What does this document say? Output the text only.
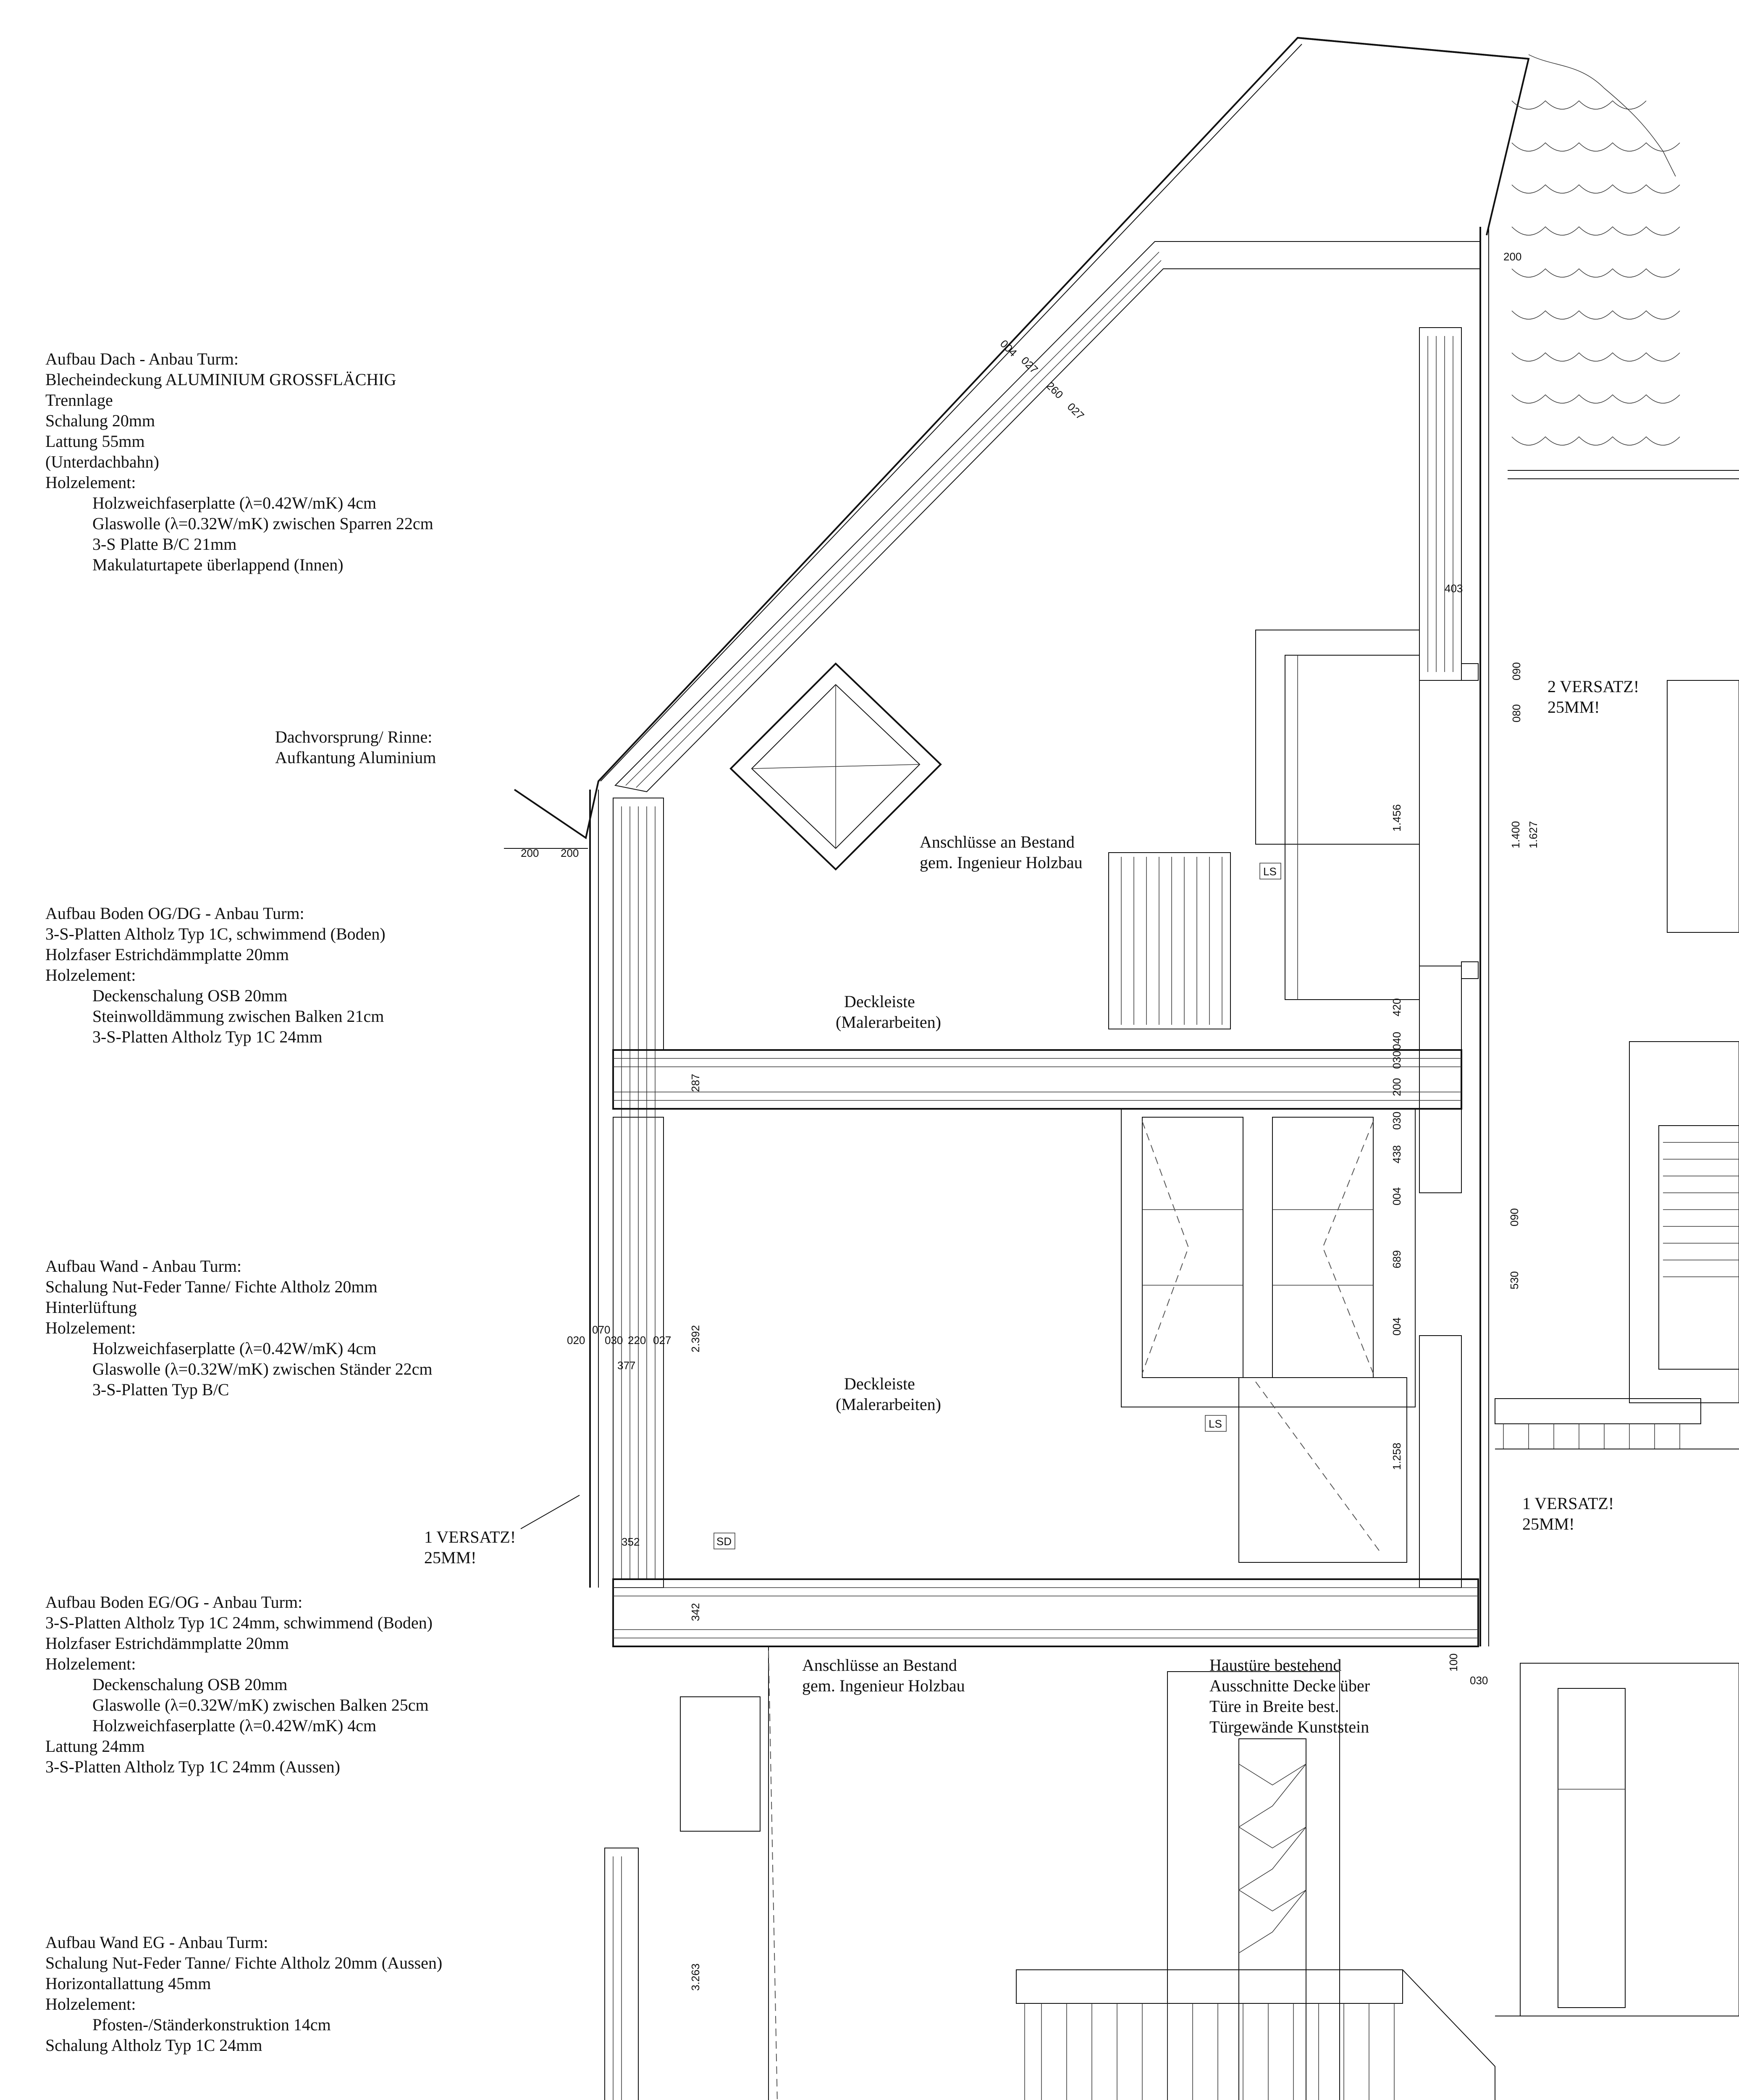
200
200 200
403
1.456
1.400 1.627
080
090
420
040
030
200
030
438
004
689
004
1.258
090
530
287
2.392
377
352
342
3.263
020
070
030 220 027
004
027
260
027
100
030
LS
LS
SD
Aufbau Dach - Anbau Turm:
Blecheindeckung ALUMINIUM GROSSFLÄCHIG
Trennlage
Schalung 20mm
Lattung 55mm
(Unterdachbahn)
Holzelement:
Holzweichfaserplatte (λ=0.42W/mK) 4cm
Glaswolle (λ=0.32W/mK) zwischen Sparren 22cm
3-S Platte B/C 21mm
Makulaturtapete überlappend (Innen)
Dachvorsprung/ Rinne:
Aufkantung Aluminium
Aufbau Boden OG/DG - Anbau Turm:
3-S-Platten Altholz Typ 1C, schwimmend (Boden)
Holzfaser Estrichdämmplatte 20mm
Holzelement:
Deckenschalung OSB 20mm
Steinwolldämmung zwischen Balken 21cm
3-S-Platten Altholz Typ 1C 24mm
Aufbau Wand - Anbau Turm:
Schalung Nut-Feder Tanne/ Fichte Altholz 20mm
Hinterlüftung
Holzelement:
Holzweichfaserplatte (λ=0.42W/mK) 4cm
Glaswolle (λ=0.32W/mK) zwischen Ständer 22cm
3-S-Platten Typ B/C
1 VERSATZ!
25MM!
Aufbau Boden EG/OG - Anbau Turm:
3-S-Platten Altholz Typ 1C 24mm, schwimmend (Boden)
Holzfaser Estrichdämmplatte 20mm
Holzelement:
Deckenschalung OSB 20mm
Glaswolle (λ=0.32W/mK) zwischen Balken 25cm
Holzweichfaserplatte (λ=0.42W/mK) 4cm
Lattung 24mm
3-S-Platten Altholz Typ 1C 24mm (Aussen)
Aufbau Wand EG - Anbau Turm:
Schalung Nut-Feder Tanne/ Fichte Altholz 20mm (Aussen)
Horizontallattung 45mm
Holzelement:
Pfosten-/Ständerkonstruktion 14cm
Schalung Altholz Typ 1C 24mm
Anschlüsse an Bestand
gem. Ingenieur Holzbau
Deckleiste
(Malerarbeiten)
Deckleiste
(Malerarbeiten)
Anschlüsse an Bestand
gem. Ingenieur Holzbau
Haustüre bestehend
Ausschnitte Decke über
Türe in Breite best.
Türgewände Kunststein
2 VERSATZ!
25MM!
1 VERSATZ!
25MM!
